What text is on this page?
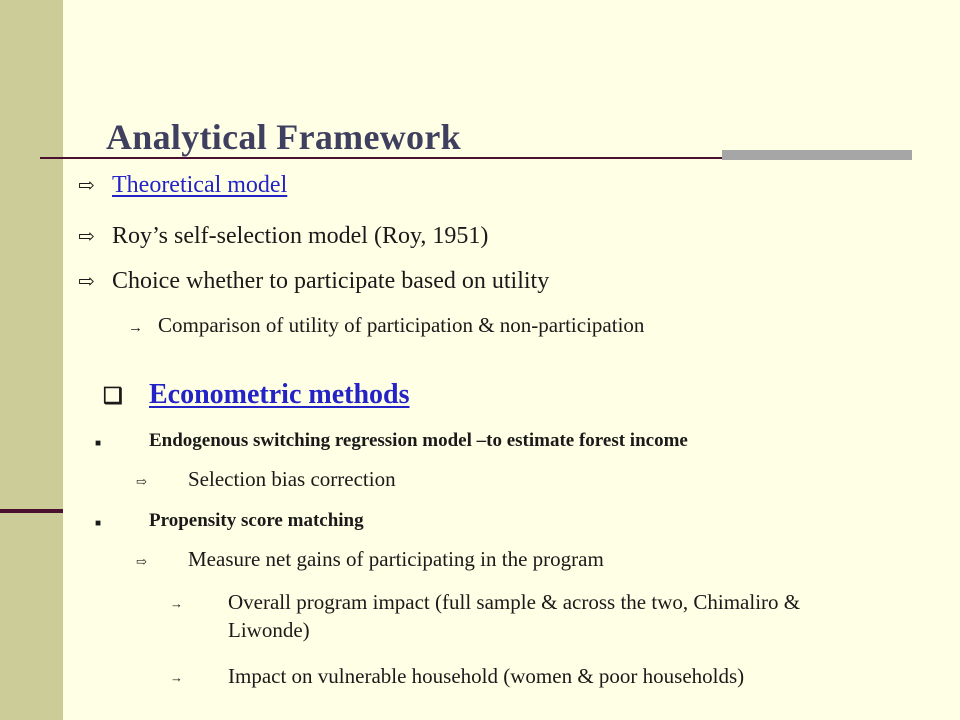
Analytical Framework
⇨ Theoretical model
⇨ Roy’s self-selection model (Roy, 1951)
⇨ Choice whether to participate based on utility
→ Comparison of utility of participation & non-participation
❑ Econometric methods
■	Endogenous switching regression model –to estimate forest income
⇨	Selection bias correction
■	Propensity score matching
⇨	Measure net gains of participating in the program
→	Overall program impact (full sample & across the two, Chimaliro & Liwonde)
→	Impact on vulnerable household (women & poor households)
